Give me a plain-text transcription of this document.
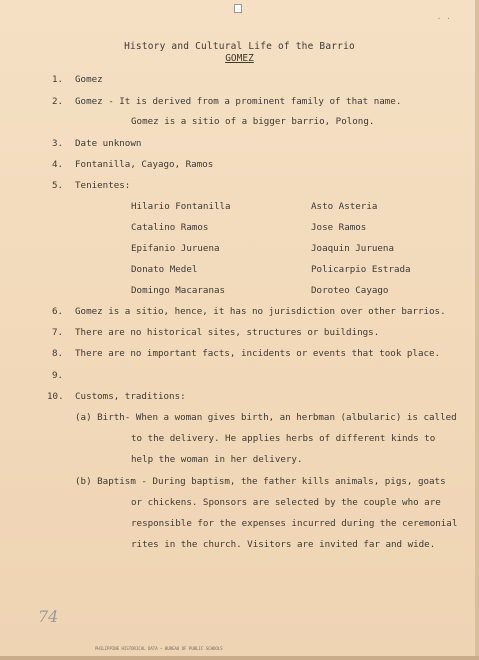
· ·
History and Cultural Life of the Barrio
GOMEZ
1. Gomez
2. Gomez - It is derived from a prominent family of that name.
Gomez is a sitio of a bigger barrio, Polong.
3. Date unknown
4. Fontanilla, Cayago, Ramos
5. Tenientes:
Hilario Fontanilla
Catalino Ramos
Epifanio Juruena
Donato Medel
Domingo Macaranas
Asto Asteria
Jose Ramos
Joaquin Juruena
Policarpio Estrada
Doroteo Cayago
6. Gomez is a sitio, hence, it has no jurisdiction over other barrios.
7. There are no historical sites, structures or buildings.
8. There are no important facts, incidents or events that took place.
9.
10. Customs, traditions:
(a) Birth- When a woman gives birth, an herbman (albularic) is called
to the delivery. He applies herbs of different kinds to
help the woman in her delivery.
(b) Baptism - During baptism, the father kills animals, pigs, goats
or chickens. Sponsors are selected by the couple who are
responsible for the expenses incurred during the ceremonial
rites in the church. Visitors are invited far and wide.
74
PHILIPPINE HISTORICAL DATA — BUREAU OF PUBLIC SCHOOLS
